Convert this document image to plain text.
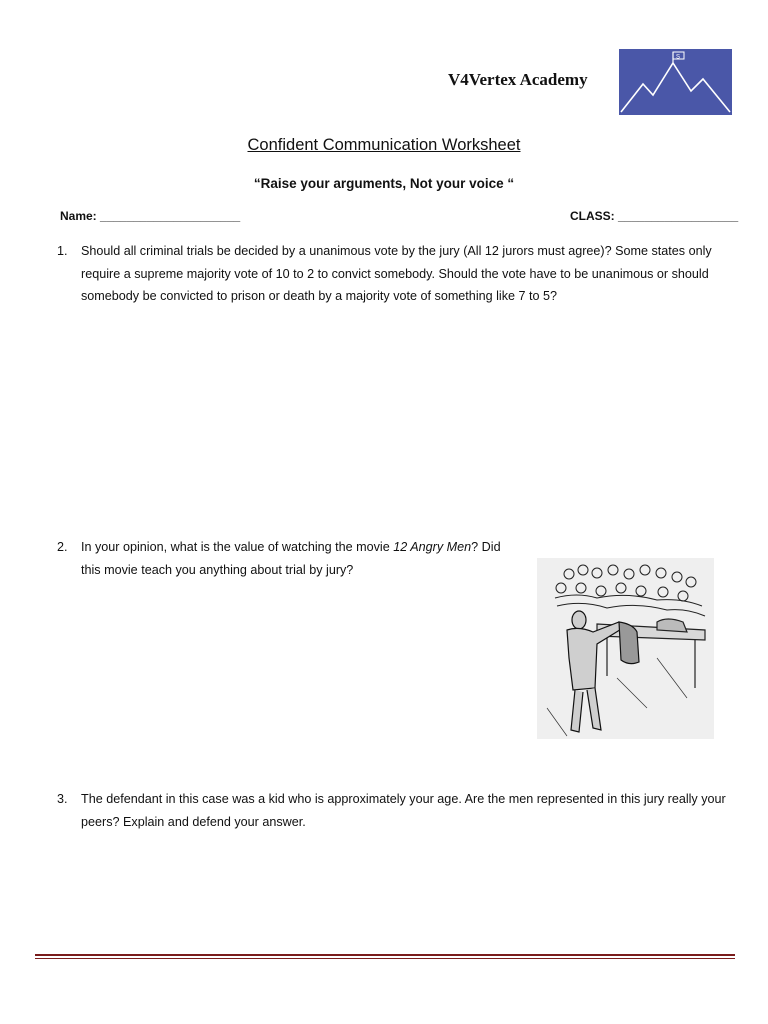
V4Vertex Academy
S
Confident Communication Worksheet
“Raise your arguments, Not your voice “
Name: _____________________	CLASS: __________________
1.	Should all criminal trials be decided by a unanimous vote by the jury (All 12 jurors must agree)? Some states only require a supreme majority vote of 10 to 2 to convict somebody. Should the vote have to be unanimous or should somebody be convicted to prison or death by a majority vote of something like 7 to 5?
2.	In your opinion, what is the value of watching the movie 12 Angry Men? Did this movie teach you anything about trial by jury?
3.	The defendant in this case was a kid who is approximately your age. Are the men represented in this jury really your peers? Explain and defend your answer.
